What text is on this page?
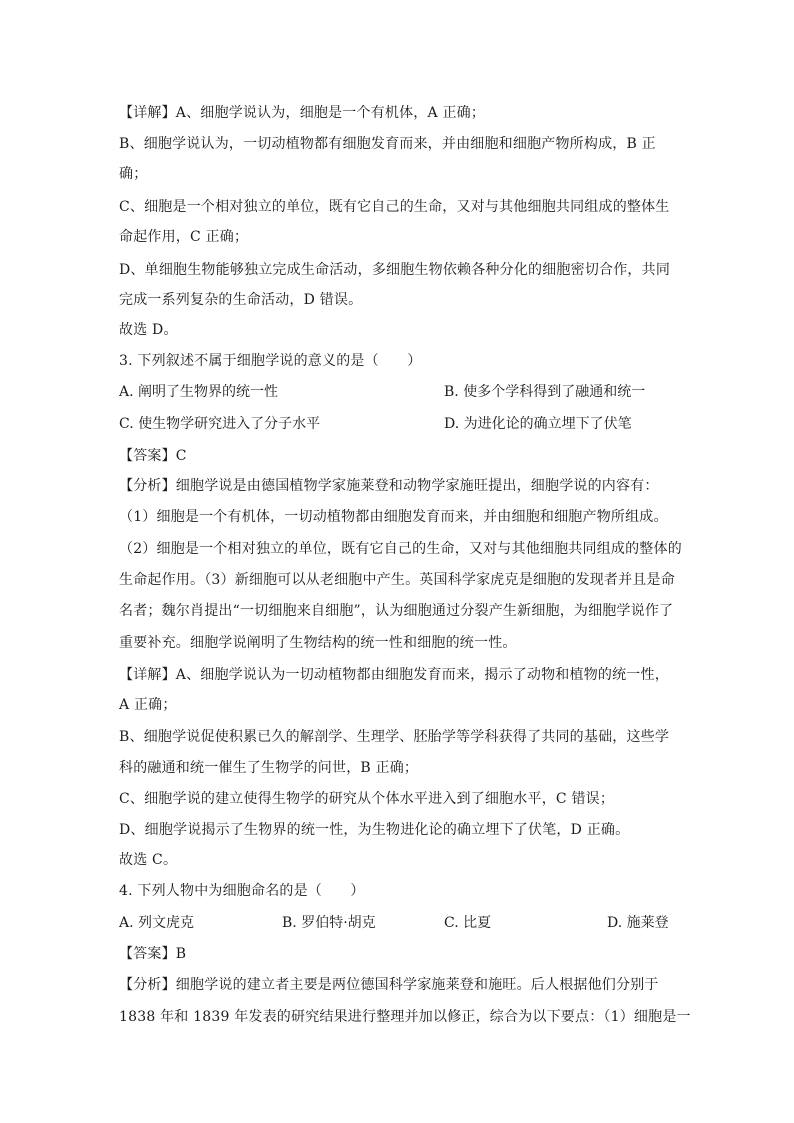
【详解】A、细胞学说认为，细胞是一个有机体，A 正确；
B、细胞学说认为，一切动植物都有细胞发育而来，并由细胞和细胞产物所构成，B 正
确；
C、细胞是一个相对独立的单位，既有它自己的生命，又对与其他细胞共同组成的整体生
命起作用，C 正确；
D、单细胞生物能够独立完成生命活动，多细胞生物依赖各种分化的细胞密切合作，共同
完成一系列复杂的生命活动，D 错误。
故选 D。
3. 下列叙述不属于细胞学说的意义的是（　　）
A. 阐明了生物界的统一性	B. 使多个学科得到了融通和统一
C. 使生物学研究进入了分子水平	D. 为进化论的确立埋下了伏笔
【答案】C
【分析】细胞学说是由德国植物学家施莱登和动物学家施旺提出，细胞学说的内容有：
（1）细胞是一个有机体，一切动植物都由细胞发育而来，并由细胞和细胞产物所组成。
（2）细胞是一个相对独立的单位，既有它自己的生命，又对与其他细胞共同组成的整体的
生命起作用。（3）新细胞可以从老细胞中产生。英国科学家虎克是细胞的发现者并且是命
名者；魏尔肖提出“一切细胞来自细胞”，认为细胞通过分裂产生新细胞，为细胞学说作了
重要补充。细胞学说阐明了生物结构的统一性和细胞的统一性。
【详解】A、细胞学说认为一切动植物都由细胞发育而来，揭示了动物和植物的统一性，
A 正确；
B、细胞学说促使积累已久的解剖学、生理学、胚胎学等学科获得了共同的基础，这些学
科的融通和统一催生了生物学的问世，B 正确；
C、细胞学说的建立使得生物学的研究从个体水平进入到了细胞水平，C 错误；
D、细胞学说揭示了生物界的统一性，为生物进化论的确立埋下了伏笔，D 正确。
故选 C。
4. 下列人物中为细胞命名的是（　　）
A. 列文虎克	B. 罗伯特·胡克	C. 比夏	D. 施莱登
【答案】B
【分析】细胞学说的建立者主要是两位德国科学家施莱登和施旺。后人根据他们分别于
1838 年和 1839 年发表的研究结果进行整理并加以修正，综合为以下要点：（1）细胞是一
